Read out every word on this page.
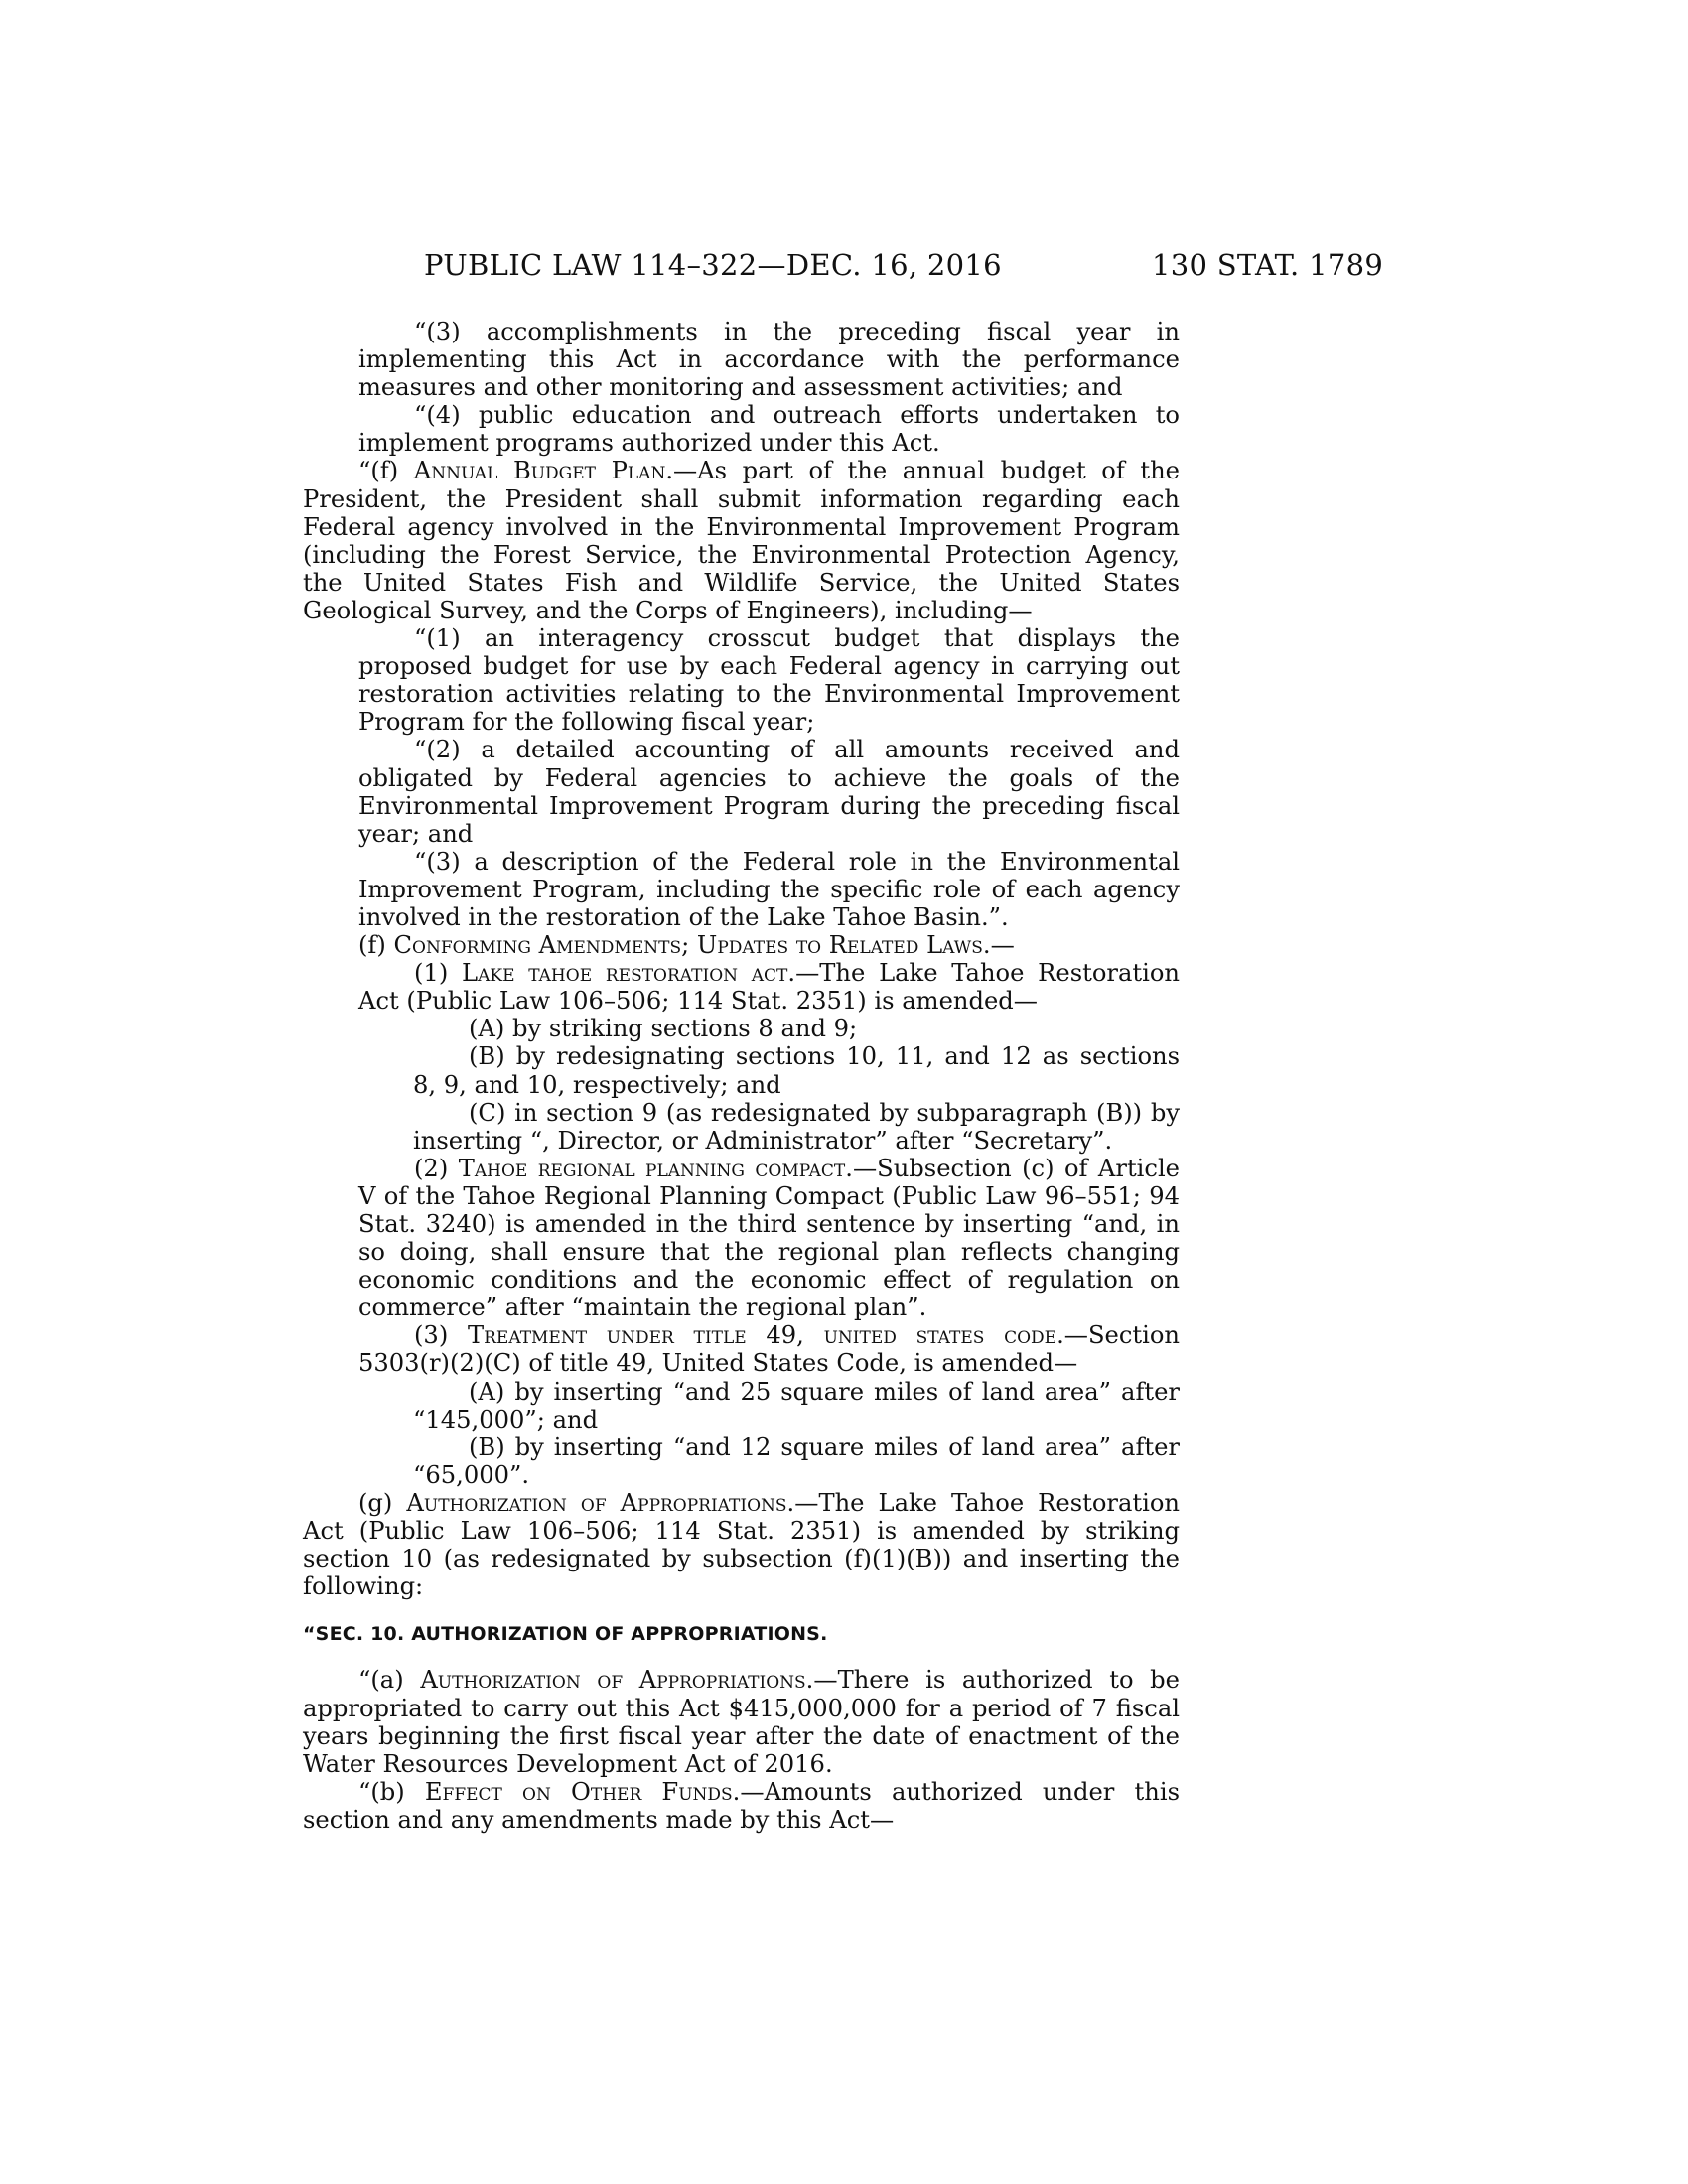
PUBLIC LAW 114–322—DEC. 16, 2016	130 STAT. 1789

“(3) accomplishments in the preceding fiscal year in implementing this Act in accordance with the performance measures and other monitoring and assessment activities; and

“(4) public education and outreach efforts undertaken to implement programs authorized under this Act.

“(f) Annual Budget Plan.—As part of the annual budget of the President, the President shall submit information regarding each Federal agency involved in the Environmental Improvement Program (including the Forest Service, the Environmental Protection Agency, the United States Fish and Wildlife Service, the United States Geological Survey, and the Corps of Engineers), including—

“(1) an interagency crosscut budget that displays the proposed budget for use by each Federal agency in carrying out restoration activities relating to the Environmental Improvement Program for the following fiscal year;

“(2) a detailed accounting of all amounts received and obligated by Federal agencies to achieve the goals of the Environmental Improvement Program during the preceding fiscal year; and

“(3) a description of the Federal role in the Environmental Improvement Program, including the specific role of each agency involved in the restoration of the Lake Tahoe Basin.”.

(f) Conforming Amendments; Updates to Related Laws.—

(1) Lake tahoe restoration act.—The Lake Tahoe Restoration Act (Public Law 106–506; 114 Stat. 2351) is amended—

(A) by striking sections 8 and 9;

(B) by redesignating sections 10, 11, and 12 as sections 8, 9, and 10, respectively; and

(C) in section 9 (as redesignated by subparagraph (B)) by inserting “, Director, or Administrator” after “Secretary”.

(2) Tahoe regional planning compact.—Subsection (c) of Article V of the Tahoe Regional Planning Compact (Public Law 96–551; 94 Stat. 3240) is amended in the third sentence by inserting “and, in so doing, shall ensure that the regional plan reflects changing economic conditions and the economic effect of regulation on commerce” after “maintain the regional plan”.

(3) Treatment under title 49, united states code.—Section 5303(r)(2)(C) of title 49, United States Code, is amended—

(A) by inserting “and 25 square miles of land area” after “145,000”; and

(B) by inserting “and 12 square miles of land area” after “65,000”.

(g) Authorization of Appropriations.—The Lake Tahoe Restoration Act (Public Law 106–506; 114 Stat. 2351) is amended by striking section 10 (as redesignated by subsection (f)(1)(B)) and inserting the following:

“SEC. 10. AUTHORIZATION OF APPROPRIATIONS.

“(a) Authorization of Appropriations.—There is authorized to be appropriated to carry out this Act $415,000,000 for a period of 7 fiscal years beginning the first fiscal year after the date of enactment of the Water Resources Development Act of 2016.

“(b) Effect on Other Funds.—Amounts authorized under this section and any amendments made by this Act—
